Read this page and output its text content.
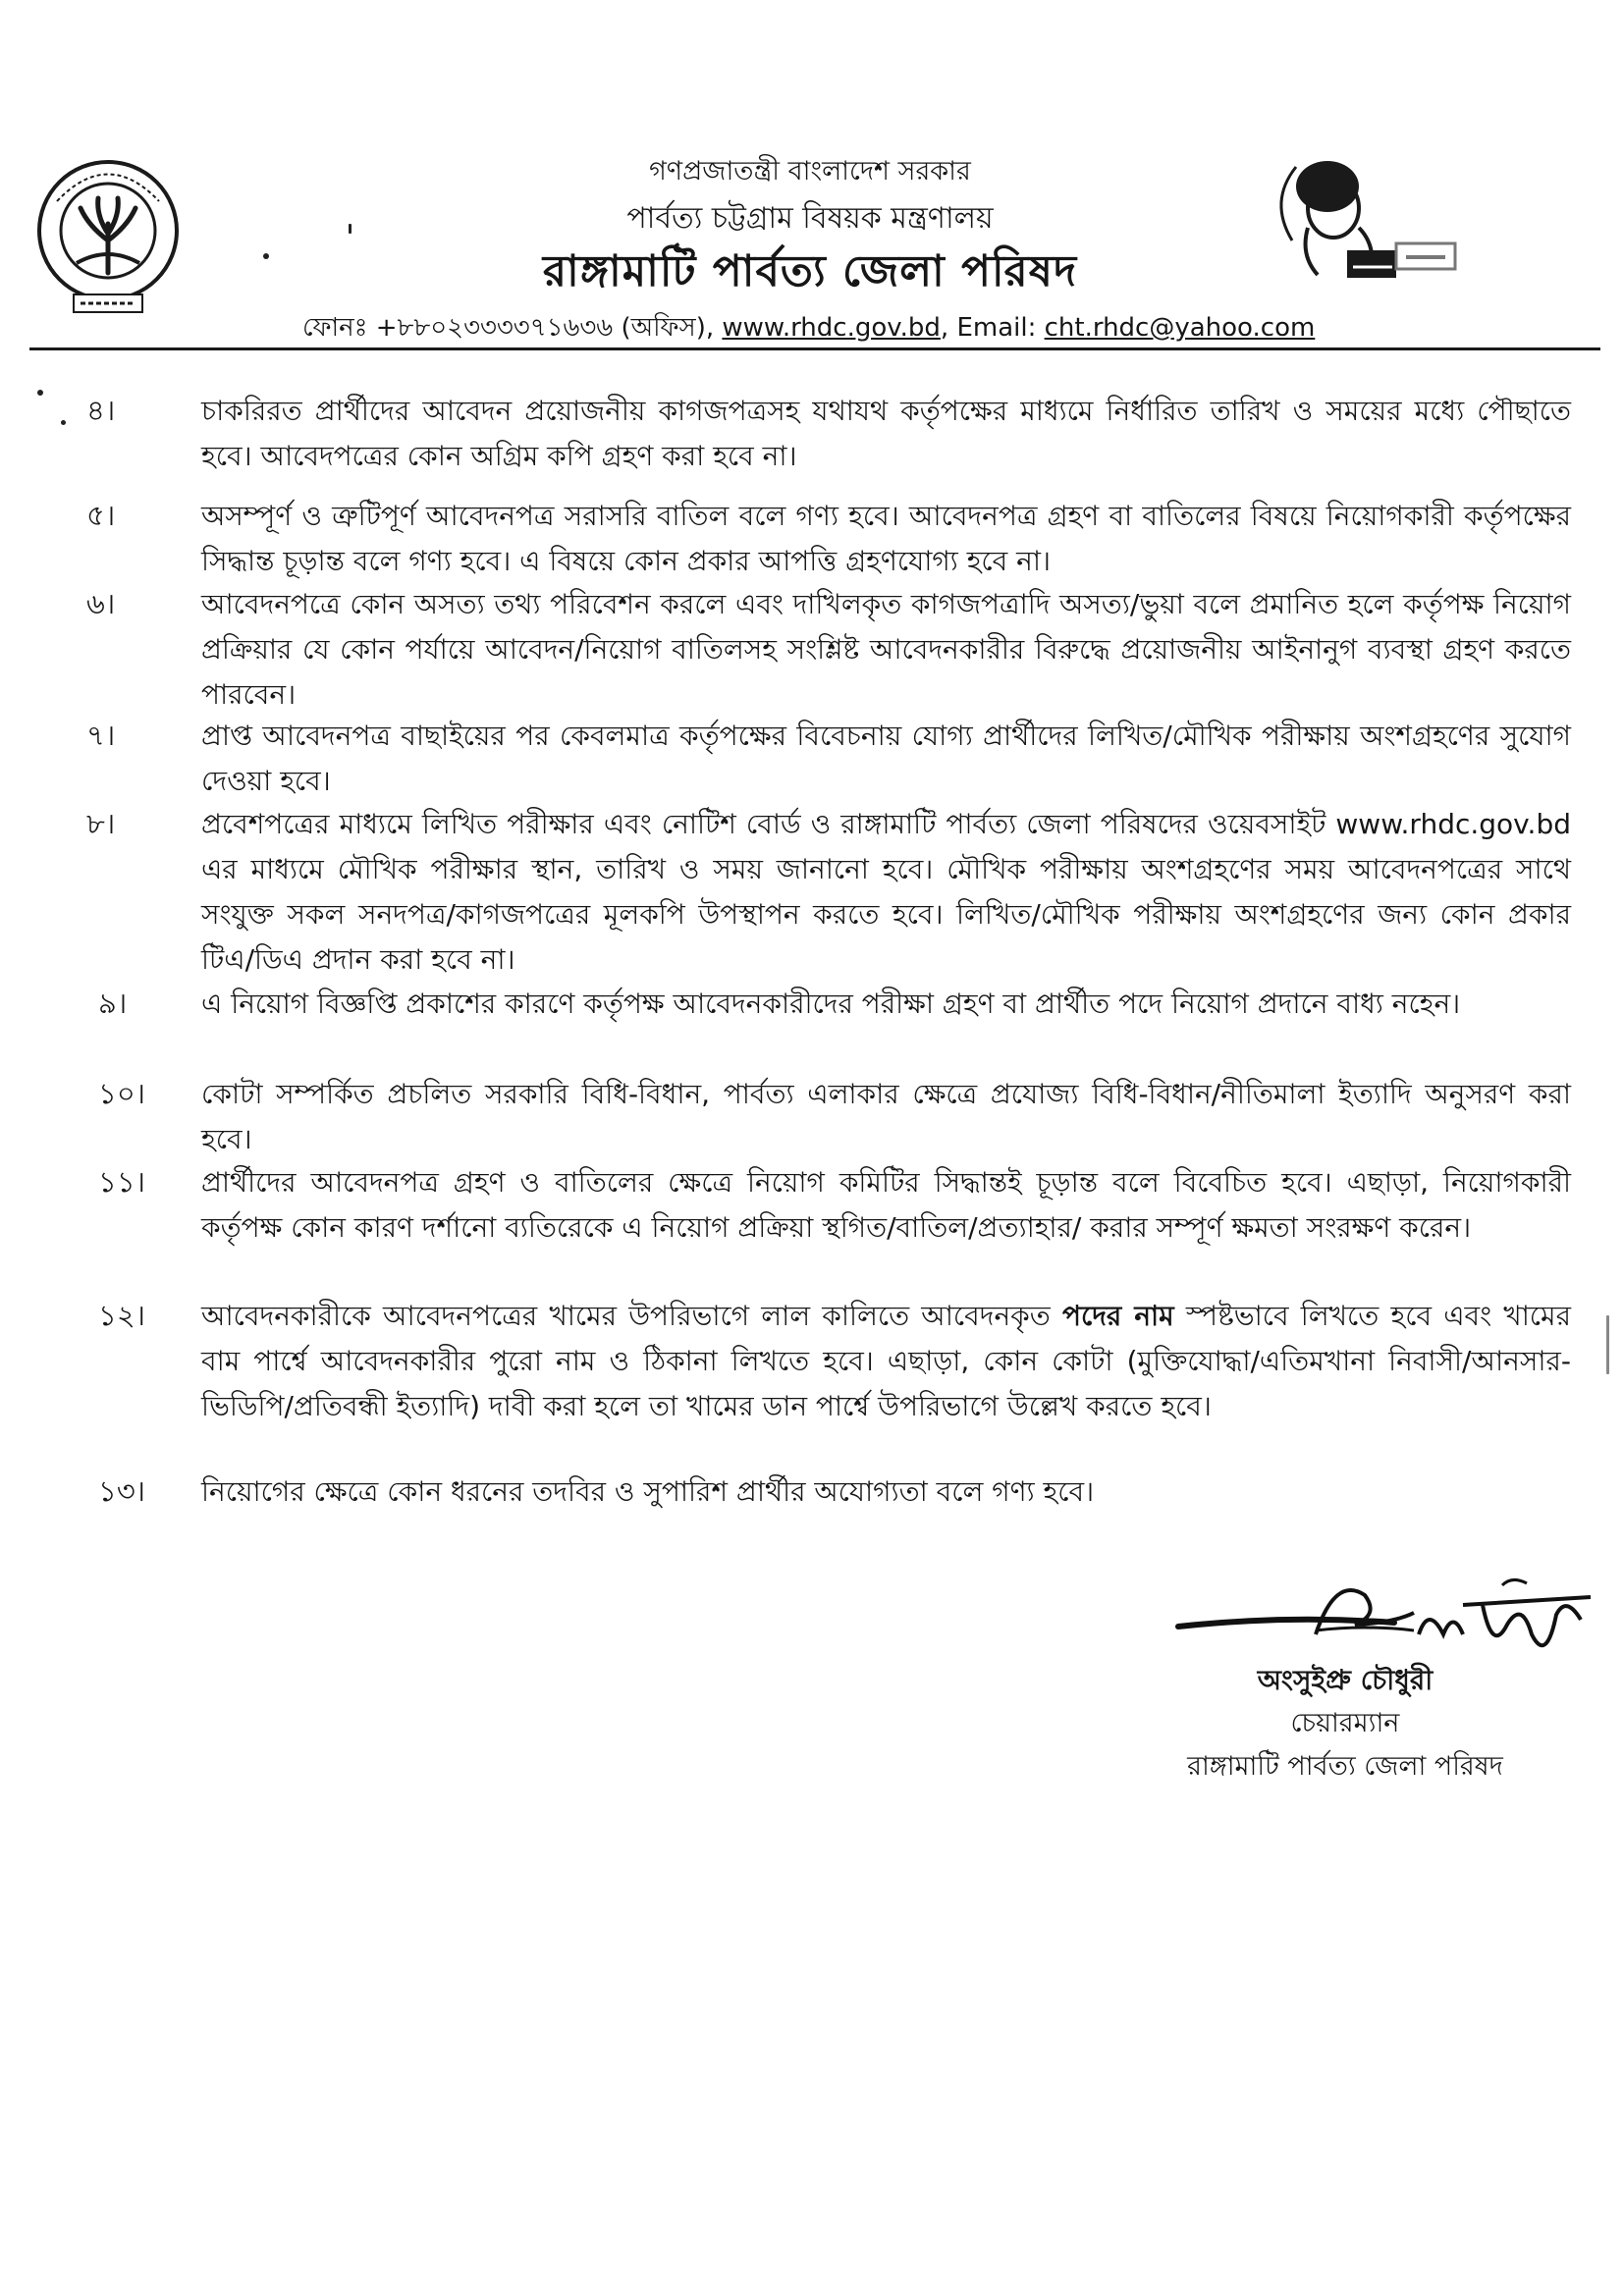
গণপ্রজাতন্ত্রী বাংলাদেশ সরকার
পার্বত্য চট্টগ্রাম বিষয়ক মন্ত্রণালয়
রাঙ্গামাটি পার্বত্য জেলা পরিষদ
ফোনঃ +৮৮০২৩৩৩৩৭১৬৩৬ (অফিস), www.rhdc.gov.bd, Email: cht.rhdc@yahoo.com
৪।	চাকরিরত প্রার্থীদের আবেদন প্রয়োজনীয় কাগজপত্রসহ যথাযথ কর্তৃপক্ষের মাধ্যমে নির্ধারিত তারিখ ও সময়ের মধ্যে পৌছাতে হবে। আবেদপত্রের কোন অগ্রিম কপি গ্রহণ করা হবে না।
৫।	অসম্পূর্ণ ও ত্রুটিপূর্ণ আবেদনপত্র সরাসরি বাতিল বলে গণ্য হবে। আবেদনপত্র গ্রহণ বা বাতিলের বিষয়ে নিয়োগকারী কর্তৃপক্ষের সিদ্ধান্ত চূড়ান্ত বলে গণ্য হবে। এ বিষয়ে কোন প্রকার আপত্তি গ্রহণযোগ্য হবে না।
৬।	আবেদনপত্রে কোন অসত্য তথ্য পরিবেশন করলে এবং দাখিলকৃত কাগজপত্রাদি অসত্য/ভুয়া বলে প্রমানিত হলে কর্তৃপক্ষ নিয়োগ প্রক্রিয়ার যে কোন পর্যায়ে আবেদন/নিয়োগ বাতিলসহ সংশ্লিষ্ট আবেদনকারীর বিরুদ্ধে প্রয়োজনীয় আইনানুগ ব্যবস্থা গ্রহণ করতে পারবেন।
৭।	প্রাপ্ত আবেদনপত্র বাছাইয়ের পর কেবলমাত্র কর্তৃপক্ষের বিবেচনায় যোগ্য প্রার্থীদের লিখিত/মৌখিক পরীক্ষায় অংশগ্রহণের সুযোগ দেওয়া হবে।
৮।	প্রবেশপত্রের মাধ্যমে লিখিত পরীক্ষার এবং নোটিশ বোর্ড ও রাঙ্গামাটি পার্বত্য জেলা পরিষদের ওয়েবসাইট www.rhdc.gov.bd এর মাধ্যমে মৌখিক পরীক্ষার স্থান, তারিখ ও সময় জানানো হবে। মৌখিক পরীক্ষায় অংশগ্রহণের সময় আবেদনপত্রের সাথে সংযুক্ত সকল সনদপত্র/কাগজপত্রের মূলকপি উপস্থাপন করতে হবে। লিখিত/মৌখিক পরীক্ষায় অংশগ্রহণের জন্য কোন প্রকার টিএ/ডিএ প্রদান করা হবে না।
৯।	এ নিয়োগ বিজ্ঞপ্তি প্রকাশের কারণে কর্তৃপক্ষ আবেদনকারীদের পরীক্ষা গ্রহণ বা প্রার্থীত পদে নিয়োগ প্রদানে বাধ্য নহেন।
১০। কোটা সম্পর্কিত প্রচলিত সরকারি বিধি-বিধান, পার্বত্য এলাকার ক্ষেত্রে প্রযোজ্য বিধি-বিধান/নীতিমালা ইত্যাদি অনুসরণ করা হবে।
১১। প্রার্থীদের আবেদনপত্র গ্রহণ ও বাতিলের ক্ষেত্রে নিয়োগ কমিটির সিদ্ধান্তই চূড়ান্ত বলে বিবেচিত হবে। এছাড়া, নিয়োগকারী কর্তৃপক্ষ কোন কারণ দর্শানো ব্যতিরেকে এ নিয়োগ প্রক্রিয়া স্থগিত/বাতিল/প্রত্যাহার/ করার সম্পূর্ণ ক্ষমতা সংরক্ষণ করেন।
১২। আবেদনকারীকে আবেদনপত্রের খামের উপরিভাগে লাল কালিতে আবেদনকৃত পদের নাম স্পষ্টভাবে লিখতে হবে এবং খামের বাম পার্শ্বে আবেদনকারীর পুরো নাম ও ঠিকানা লিখতে হবে। এছাড়া, কোন কোটা (মুক্তিযোদ্ধা/এতিমখানা নিবাসী/আনসার-ভিডিপি/প্রতিবন্ধী ইত্যাদি) দাবী করা হলে তা খামের ডান পার্শ্বে উপরিভাগে উল্লেখ করতে হবে।
১৩। নিয়োগের ক্ষেত্রে কোন ধরনের তদবির ও সুপারিশ প্রার্থীর অযোগ্যতা বলে গণ্য হবে।
অংসুইপ্রু চৌধুরী
চেয়ারম্যান
রাঙ্গামাটি পার্বত্য জেলা পরিষদ
